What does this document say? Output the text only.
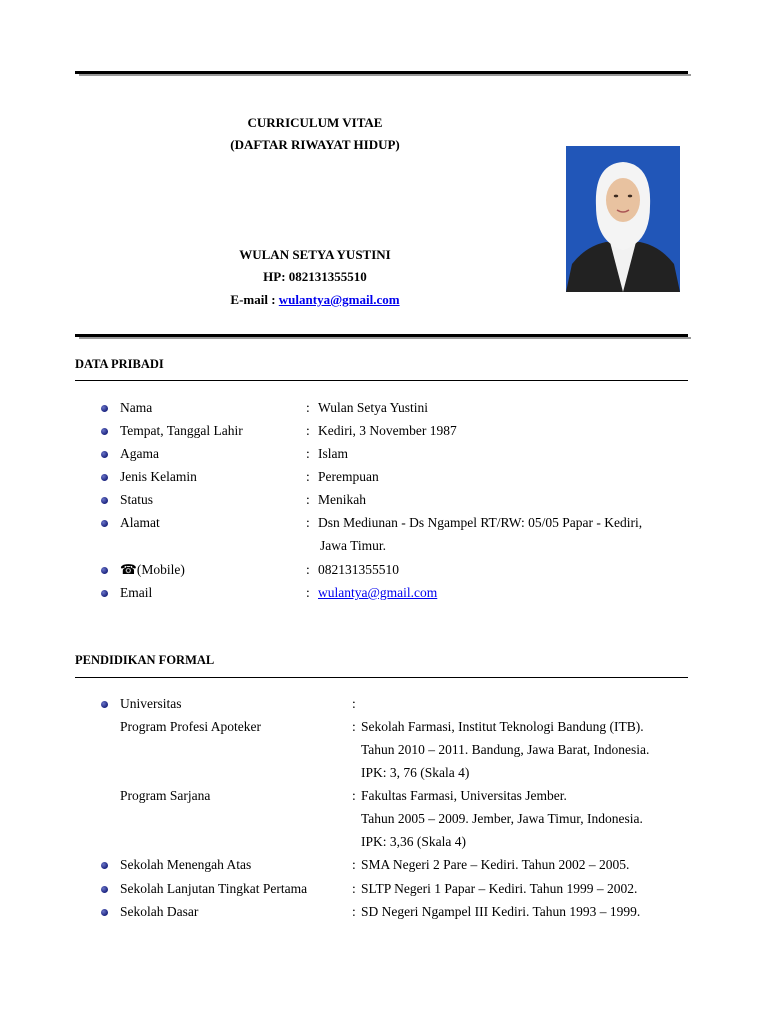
CURRICULUM VITAE
(DAFTAR RIWAYAT HIDUP)
WULAN SETYA YUSTINI
HP: 082131355510
E-mail : wulantya@gmail.com
DATA PRIBADI
Nama	: Wulan Setya Yustini
Tempat, Tanggal Lahir	: Kediri, 3 November 1987
Agama	: Islam
Jenis Kelamin	: Perempuan
Status	: Menikah
Alamat	: Dsn Mediunan - Ds Ngampel RT/RW: 05/05 Papar - Kediri,
Jawa Timur.
☎(Mobile)	: 082131355510
Email	: wulantya@gmail.com
PENDIDIKAN FORMAL
Universitas	:
Program Profesi Apoteker	: Sekolah Farmasi, Institut Teknologi Bandung (ITB).
Tahun 2010 – 2011. Bandung, Jawa Barat, Indonesia.
IPK: 3, 76 (Skala 4)
Program Sarjana	: Fakultas Farmasi, Universitas Jember.
Tahun 2005 – 2009. Jember, Jawa Timur, Indonesia.
IPK: 3,36 (Skala 4)
Sekolah Menengah Atas	: SMA Negeri 2 Pare – Kediri. Tahun 2002 – 2005.
Sekolah Lanjutan Tingkat Pertama	: SLTP Negeri 1 Papar – Kediri. Tahun 1999 – 2002.
Sekolah Dasar	: SD Negeri Ngampel III Kediri. Tahun 1993 – 1999.
